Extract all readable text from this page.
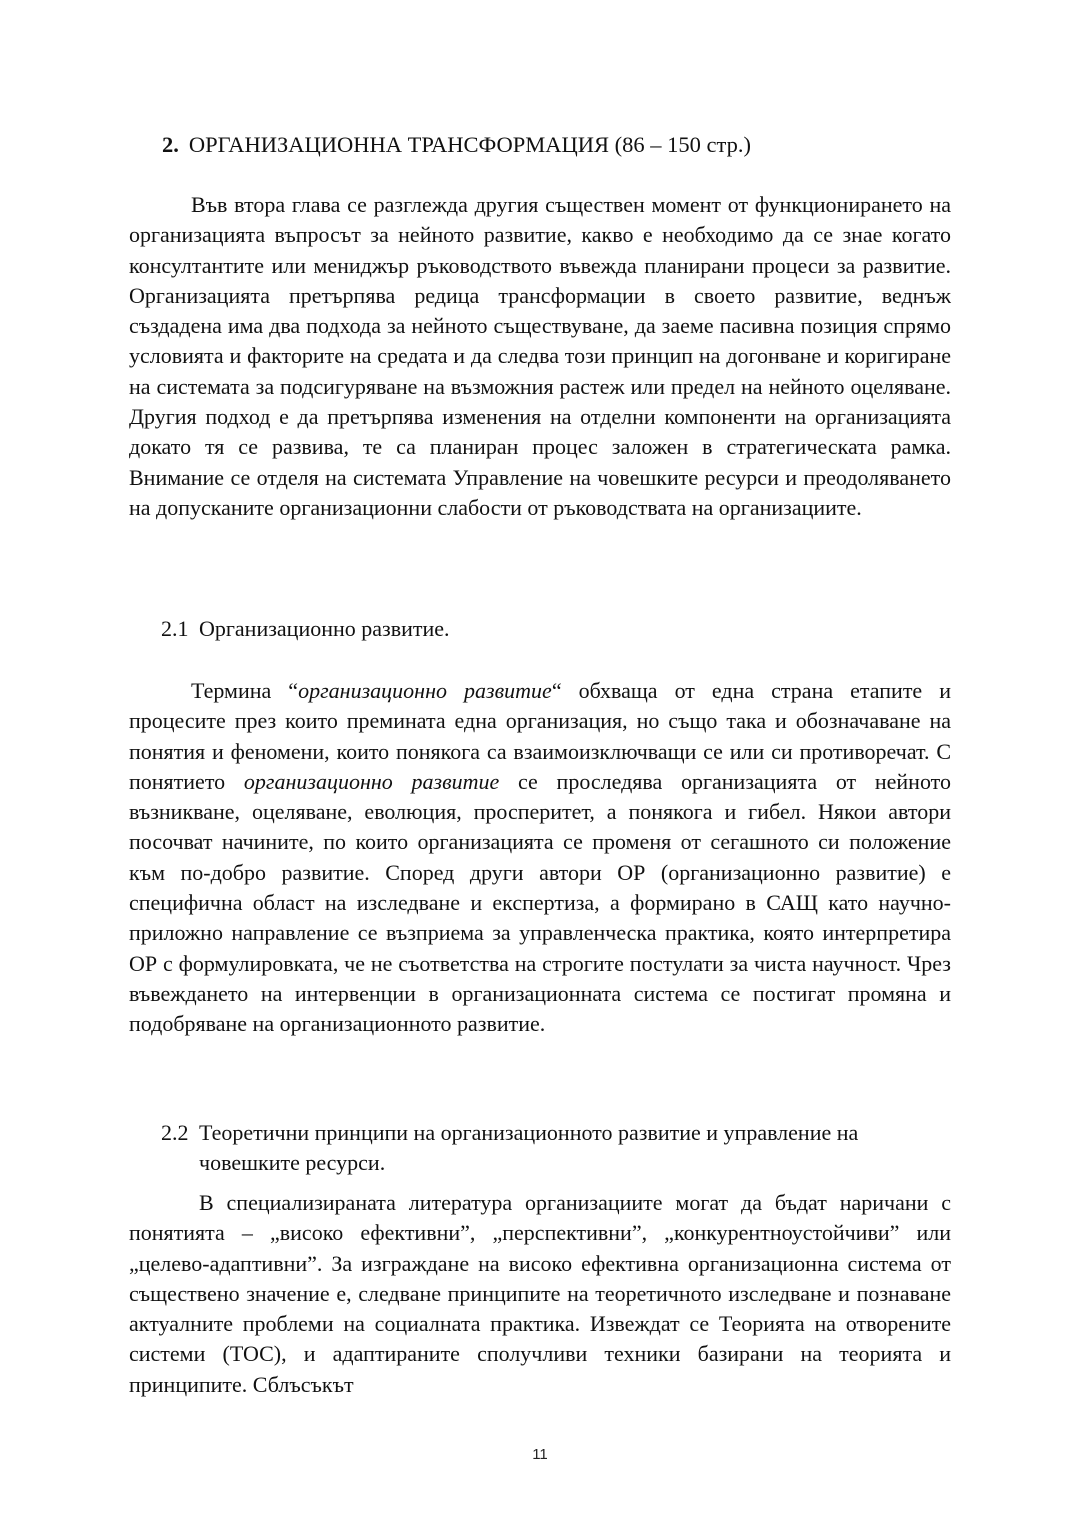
2. ОРГАНИЗАЦИОННА ТРАНСФОРМАЦИЯ (86 – 150 стр.)

Във втора глава се разглежда другия съществен момент от функционирането на организацията въпросът за нейното развитие, какво е необходимо да се знае когато консултантите или мениджър ръководството въвежда планирани процеси за развитие. Организацията претърпява редица трансформации в своето развитие, веднъж създадена има два подхода за нейното съществуване, да заеме пасивна позиция спрямо условията и факторите на средата и да следва този принцип на догонване и коригиране на системата за подсигуряване на възможния растеж или предел на нейното оцеляване. Другия подход е да претърпява изменения на отделни компоненти на организацията докато тя се развива, те са планиран процес заложен в стратегическата рамка. Внимание се отделя на системата Управление на човешките ресурси и преодоляването на допусканите организационни слабости от ръководствата на организациите.

2.1 Организационно развитие.

Термина “организационно развитие“ обхваща от една страна етапите и процесите през които премината една организация, но също така и обозначаване на понятия и феномени, които понякога са взаимоизключващи се или си противоречат. С понятието организационно развитие се проследява организацията от нейното възникване, оцеляване, еволюция, просперитет, а понякога и гибел. Някои автори посочват начините, по които организацията се променя от сегашното си положение към по-добро развитие. Според други автори ОР (организационно развитие) е специфична област на изследване и експертиза, а формирано в САЩ като научно-приложно направление се възприема за управленческа практика, която интерпретира ОР с формулировката, че не съответства на строгите постулати за чиста научност. Чрез въвеждането на интервенции в организационната система се постигат промяна и подобряване на организационното развитие.

2.2 Теоретични принципи на организационното развитие и управление на човешките ресурси.

В специализираната литература организациите могат да бъдат наричани с понятията – „високо ефективни”, „перспективни”, „конкурентноустойчиви” или „целево-адаптивни”. За изграждане на високо ефективна организационна система от съществено значение е, следване принципите на теоретичното изследване и познаване актуалните проблеми на социалната практика. Извеждат се Теорията на отворените системи (ТОС), и адаптираните сполучливи техники базирани на теорията и принципите. Сблъсъкът

11
